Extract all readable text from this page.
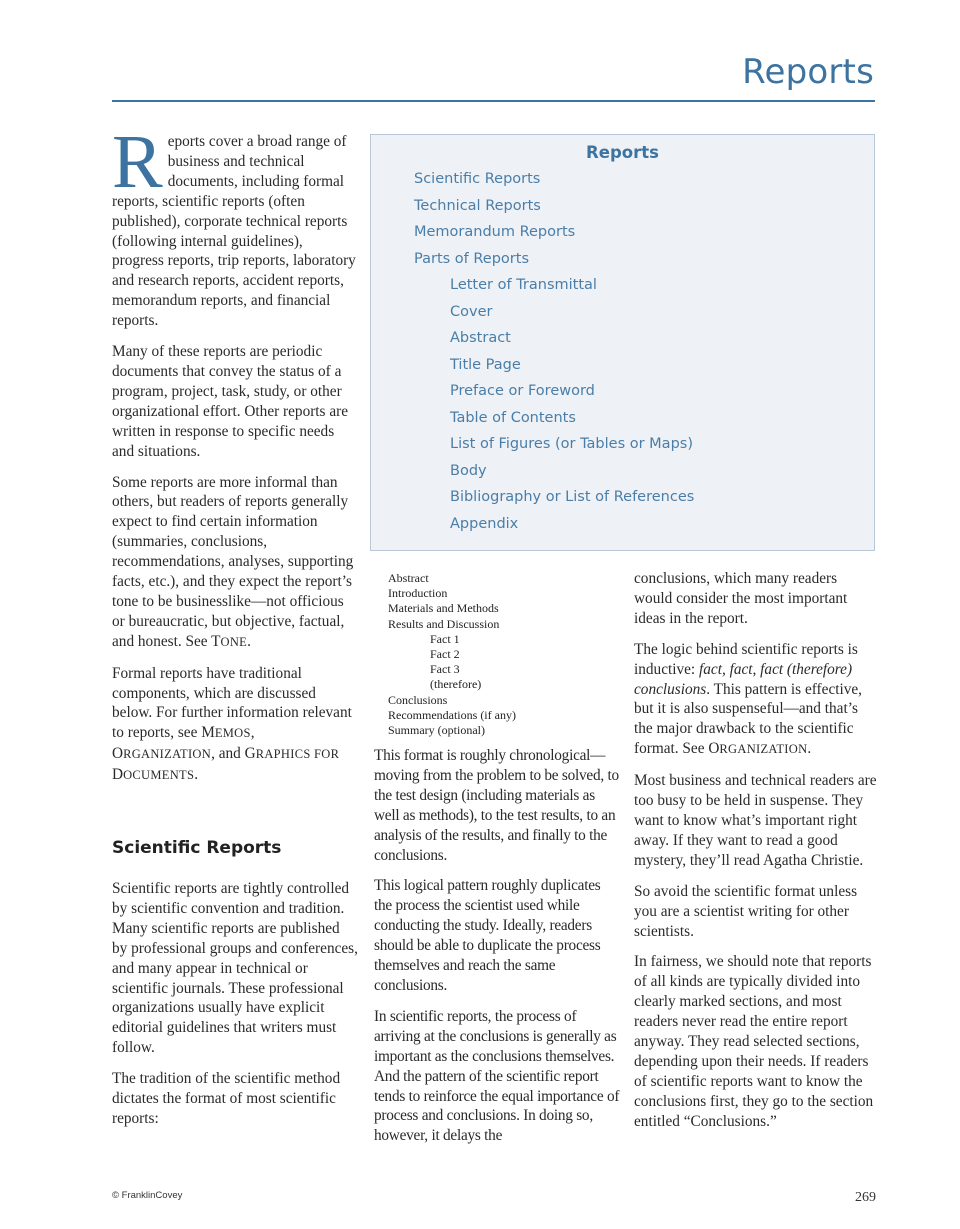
Reports

Reports cover a broad range of business and technical documents, including formal reports, scientific reports (often published), corporate technical reports (following internal guidelines), progress reports, trip reports, laboratory and research reports, accident reports, memorandum reports, and financial reports.

Many of these reports are periodic documents that convey the status of a program, project, task, study, or other organizational effort. Other reports are written in response to specific needs and situations.

Some reports are more informal than others, but readers of reports generally expect to find certain information (summaries, conclusions, recommendations, analyses, supporting facts, etc.), and they expect the report’s tone to be businesslike—not officious or bureaucratic, but objective, factual, and honest. See TONE.

Formal reports have traditional components, which are discussed below. For further information relevant to reports, see MEMOS, ORGANIZATION, and GRAPHICS FOR DOCUMENTS.

Scientific Reports

Scientific reports are tightly controlled by scientific convention and tradition. Many scientific reports are published by professional groups and conferences, and many appear in technical or scientific journals. These professional organizations usually have explicit editorial guidelines that writers must follow.

The tradition of the scientific method dictates the format of most scientific reports:

Reports
Scientific Reports
Technical Reports
Memorandum Reports
Parts of Reports
Letter of Transmittal
Cover
Abstract
Title Page
Preface or Foreword
Table of Contents
List of Figures (or Tables or Maps)
Body
Bibliography or List of References
Appendix
Abstract
Introduction
Materials and Methods
Results and Discussion
Fact 1
Fact 2
Fact 3
(therefore)
Conclusions
Recommendations (if any)
Summary (optional)

This format is roughly chronological—moving from the problem to be solved, to the test design (including materials as well as methods), to the test results, to an analysis of the results, and finally to the conclusions.

This logical pattern roughly duplicates the process the scientist used while conducting the study. Ideally, readers should be able to duplicate the process themselves and reach the same conclusions.

In scientific reports, the process of arriving at the conclusions is generally as important as the conclusions themselves. And the pattern of the scientific report tends to reinforce the equal importance of process and conclusions. In doing so, however, it delays the

conclusions, which many readers would consider the most important ideas in the report.

The logic behind scientific reports is inductive: fact, fact, fact (therefore) conclusions. This pattern is effective, but it is also suspenseful—and that’s the major drawback to the scientific format. See ORGANIZATION.

Most business and technical readers are too busy to be held in suspense. They want to know what’s important right away. If they want to read a good mystery, they’ll read Agatha Christie.

So avoid the scientific format unless you are a scientist writing for other scientists.

In fairness, we should note that reports of all kinds are typically divided into clearly marked sections, and most readers never read the entire report anyway. They read selected sections, depending upon their needs. If readers of scientific reports want to know the conclusions first, they go to the section entitled “Conclusions.”

© FranklinCovey	269
